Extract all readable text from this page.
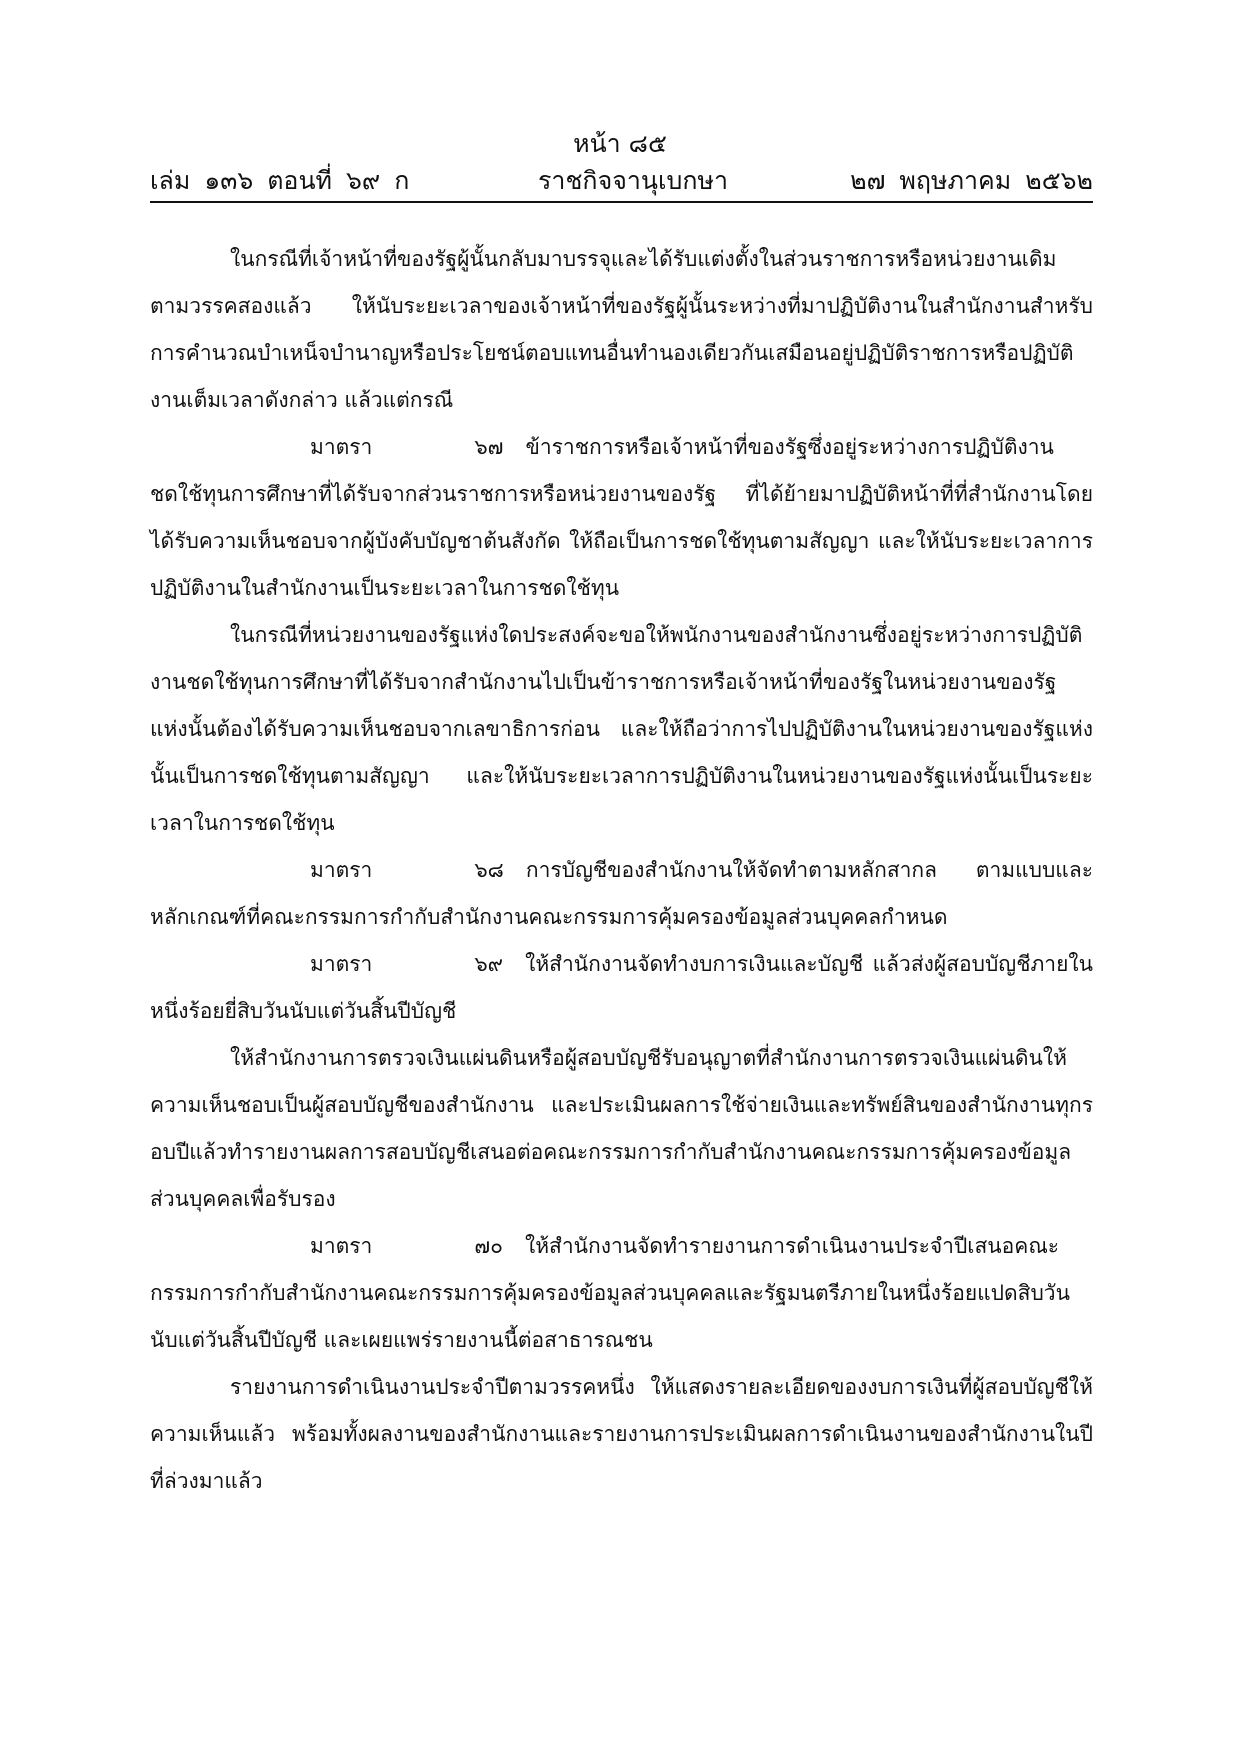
หน้า ๘๕
เล่ม ๑๓๖ ตอนที่ ๖๙ ก	ราชกิจจานุเบกษา	๒๗ พฤษภาคม ๒๕๖๒

ในกรณีที่เจ้าหน้าที่ของรัฐผู้นั้นกลับมาบรรจุและได้รับแต่งตั้งในส่วนราชการหรือหน่วยงานเดิมตามวรรคสองแล้ว ให้นับระยะเวลาของเจ้าหน้าที่ของรัฐผู้นั้นระหว่างที่มาปฏิบัติงานในสำนักงานสำหรับการคำนวณบำเหน็จบำนาญหรือประโยชน์ตอบแทนอื่นทำนองเดียวกันเสมือนอยู่ปฏิบัติราชการหรือปฏิบัติงานเต็มเวลาดังกล่าว แล้วแต่กรณี

มาตรา	๖๗ ข้าราชการหรือเจ้าหน้าที่ของรัฐซึ่งอยู่ระหว่างการปฏิบัติงานชดใช้ทุนการศึกษาที่ได้รับจากส่วนราชการหรือหน่วยงานของรัฐ ที่ได้ย้ายมาปฏิบัติหน้าที่ที่สำนักงานโดยได้รับความเห็นชอบจากผู้บังคับบัญชาต้นสังกัด ให้ถือเป็นการชดใช้ทุนตามสัญญา และให้นับระยะเวลาการปฏิบัติงานในสำนักงานเป็นระยะเวลาในการชดใช้ทุน

ในกรณีที่หน่วยงานของรัฐแห่งใดประสงค์จะขอให้พนักงานของสำนักงานซึ่งอยู่ระหว่างการปฏิบัติงานชดใช้ทุนการศึกษาที่ได้รับจากสำนักงานไปเป็นข้าราชการหรือเจ้าหน้าที่ของรัฐในหน่วยงานของรัฐแห่งนั้นต้องได้รับความเห็นชอบจากเลขาธิการก่อน และให้ถือว่าการไปปฏิบัติงานในหน่วยงานของรัฐแห่งนั้นเป็นการชดใช้ทุนตามสัญญา และให้นับระยะเวลาการปฏิบัติงานในหน่วยงานของรัฐแห่งนั้นเป็นระยะเวลาในการชดใช้ทุน

มาตรา	๖๘ การบัญชีของสำนักงานให้จัดทำตามหลักสากล ตามแบบและหลักเกณฑ์ที่คณะกรรมการกำกับสำนักงานคณะกรรมการคุ้มครองข้อมูลส่วนบุคคลกำหนด

มาตรา	๖๙ ให้สำนักงานจัดทำงบการเงินและบัญชี แล้วส่งผู้สอบบัญชีภายในหนึ่งร้อยยี่สิบวันนับแต่วันสิ้นปีบัญชี

ให้สำนักงานการตรวจเงินแผ่นดินหรือผู้สอบบัญชีรับอนุญาตที่สำนักงานการตรวจเงินแผ่นดินให้ความเห็นชอบเป็นผู้สอบบัญชีของสำนักงาน และประเมินผลการใช้จ่ายเงินและทรัพย์สินของสำนักงานทุกรอบปีแล้วทำรายงานผลการสอบบัญชีเสนอต่อคณะกรรมการกำกับสำนักงานคณะกรรมการคุ้มครองข้อมูลส่วนบุคคลเพื่อรับรอง

มาตรา	๗๐ ให้สำนักงานจัดทำรายงานการดำเนินงานประจำปีเสนอคณะกรรมการกำกับสำนักงานคณะกรรมการคุ้มครองข้อมูลส่วนบุคคลและรัฐมนตรีภายในหนึ่งร้อยแปดสิบวันนับแต่วันสิ้นปีบัญชี และเผยแพร่รายงานนี้ต่อสาธารณชน

รายงานการดำเนินงานประจำปีตามวรรคหนึ่ง ให้แสดงรายละเอียดของงบการเงินที่ผู้สอบบัญชีให้ความเห็นแล้ว พร้อมทั้งผลงานของสำนักงานและรายงานการประเมินผลการดำเนินงานของสำนักงานในปีที่ล่วงมาแล้ว
